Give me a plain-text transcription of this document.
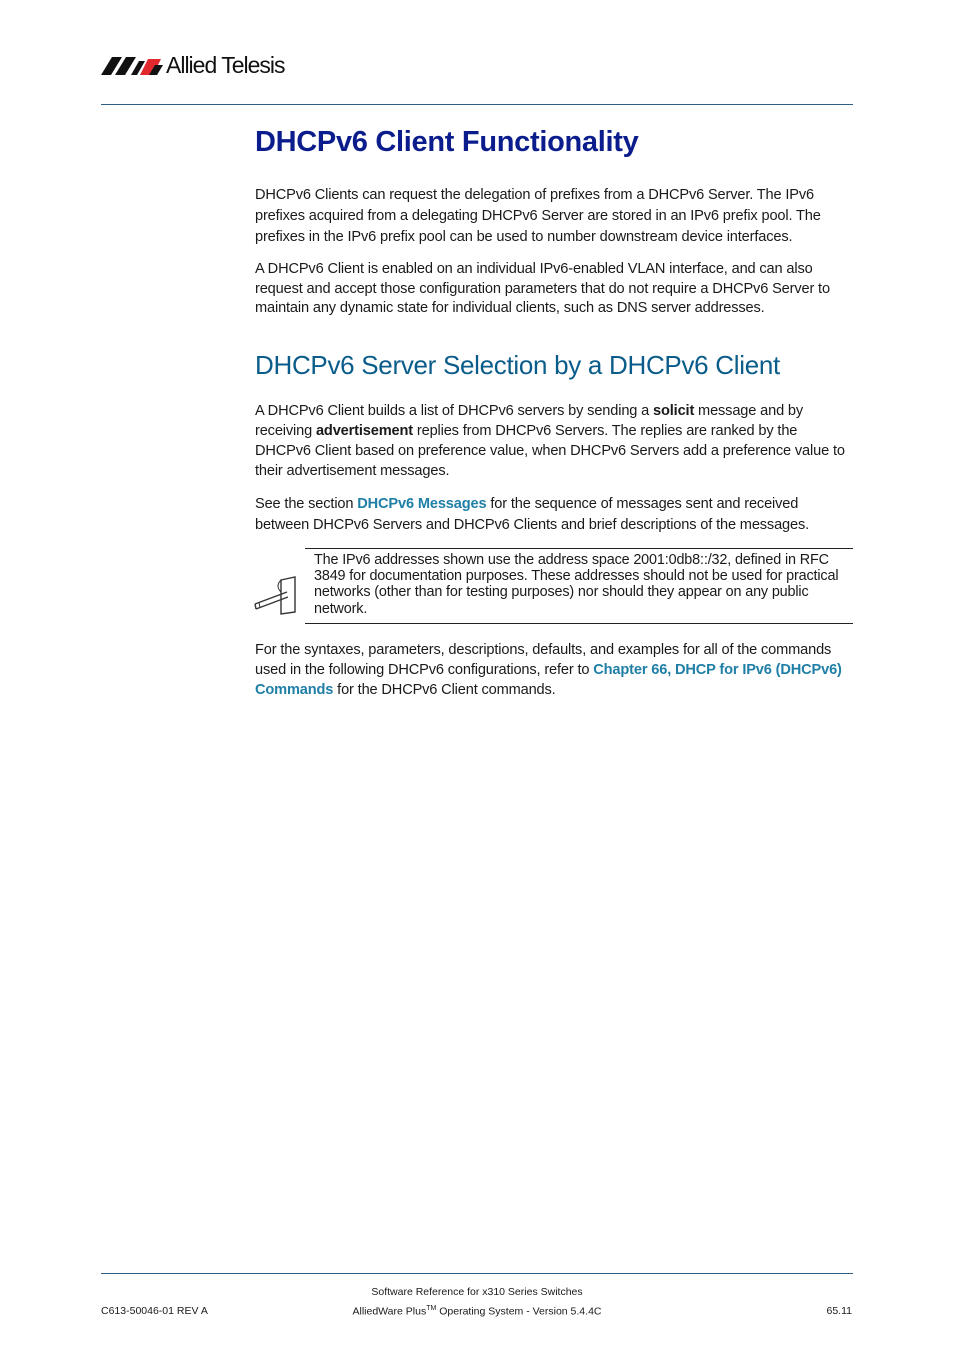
Allied Telesis
DHCPv6 Client Functionality

DHCPv6 Clients can request the delegation of prefixes from a DHCPv6 Server. The IPv6 prefixes acquired from a delegating DHCPv6 Server are stored in an IPv6 prefix pool. The prefixes in the IPv6 prefix pool can be used to number downstream device interfaces.

A DHCPv6 Client is enabled on an individual IPv6-enabled VLAN interface, and can also request and accept those configuration parameters that do not require a DHCPv6 Server to maintain any dynamic state for individual clients, such as DNS server addresses.

DHCPv6 Server Selection by a DHCPv6 Client

A DHCPv6 Client builds a list of DHCPv6 servers by sending a solicit message and by receiving advertisement replies from DHCPv6 Servers. The replies are ranked by the DHCPv6 Client based on preference value, when DHCPv6 Servers add a preference value to their advertisement messages.

See the section DHCPv6 Messages for the sequence of messages sent and received between DHCPv6 Servers and DHCPv6 Clients and brief descriptions of the messages.

The IPv6 addresses shown use the address space 2001:0db8::/32, defined in RFC 3849 for documentation purposes. These addresses should not be used for practical networks (other than for testing purposes) nor should they appear on any public network.

For the syntaxes, parameters, descriptions, defaults, and examples for all of the commands used in the following DHCPv6 configurations, refer to Chapter 66, DHCP for IPv6 (DHCPv6) Commands for the DHCPv6 Client commands.

Software Reference for x310 Series Switches
AlliedWare Plus™ Operating System - Version 5.4.4C
C613-50046-01 REV A	65.11
